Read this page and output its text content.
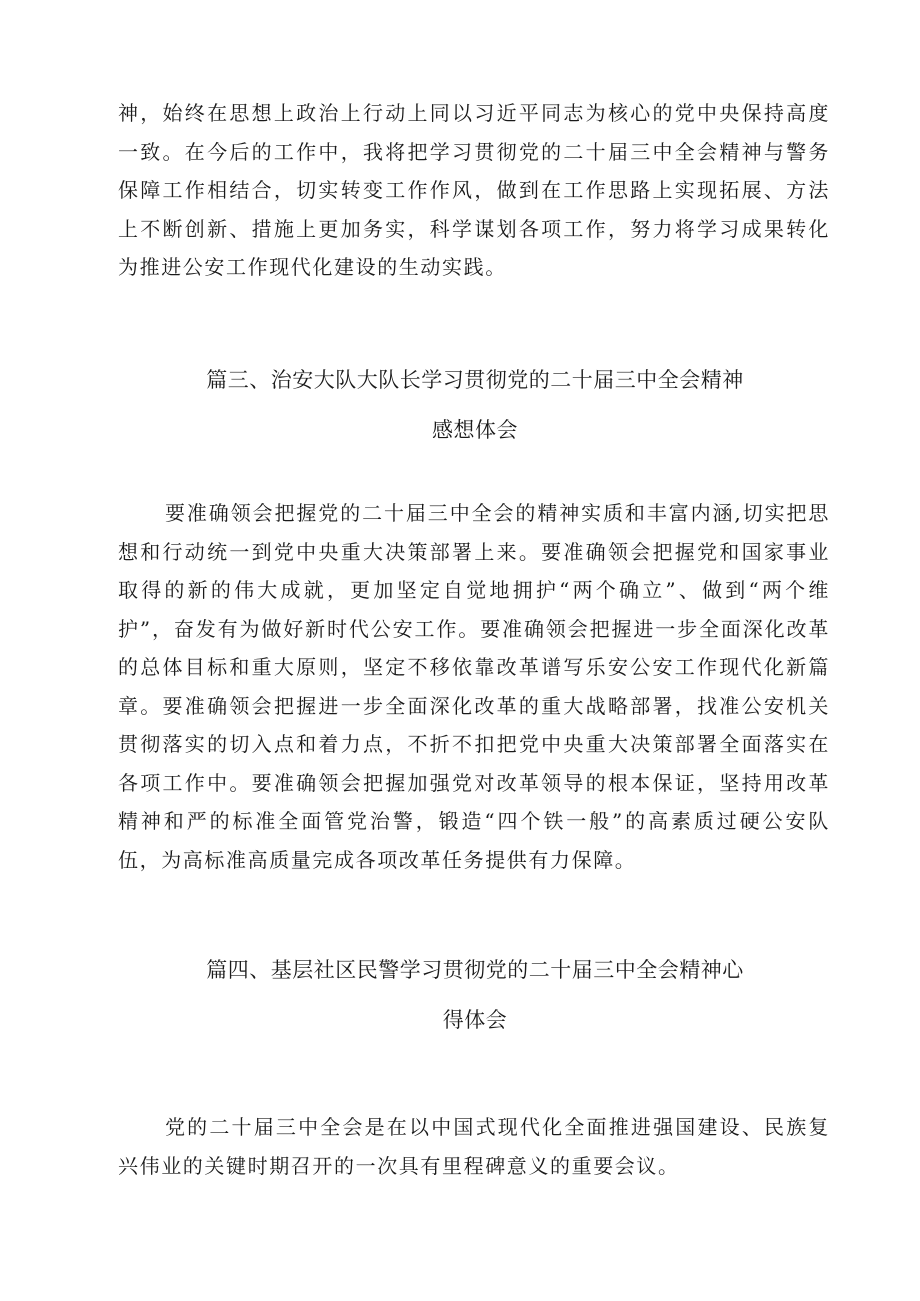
神，始终在思想上政治上行动上同以习近平同志为核心的党中央保持高度一致。在今后的工作中，我将把学习贯彻党的二十届三中全会精神与警务保障工作相结合，切实转变工作作风，做到在工作思路上实现拓展、方法上不断创新、措施上更加务实，科学谋划各项工作，努力将学习成果转化为推进公安工作现代化建设的生动实践。

篇三、治安大队大队长学习贯彻党的二十届三中全会精神
感想体会

要准确领会把握党的二十届三中全会的精神实质和丰富内涵,切实把思想和行动统一到党中央重大决策部署上来。要准确领会把握党和国家事业取得的新的伟大成就，更加坚定自觉地拥护“两个确立”、做到“两个维护”，奋发有为做好新时代公安工作。要准确领会把握进一步全面深化改革的总体目标和重大原则，坚定不移依靠改革谱写乐安公安工作现代化新篇章。要准确领会把握进一步全面深化改革的重大战略部署，找准公安机关贯彻落实的切入点和着力点，不折不扣把党中央重大决策部署全面落实在各项工作中。要准确领会把握加强党对改革领导的根本保证，坚持用改革精神和严的标准全面管党治警，锻造“四个铁一般”的高素质过硬公安队伍，为高标准高质量完成各项改革任务提供有力保障。

篇四、基层社区民警学习贯彻党的二十届三中全会精神心
得体会

党的二十届三中全会是在以中国式现代化全面推进强国建设、民族复兴伟业的关键时期召开的一次具有里程碑意义的重要会议。
